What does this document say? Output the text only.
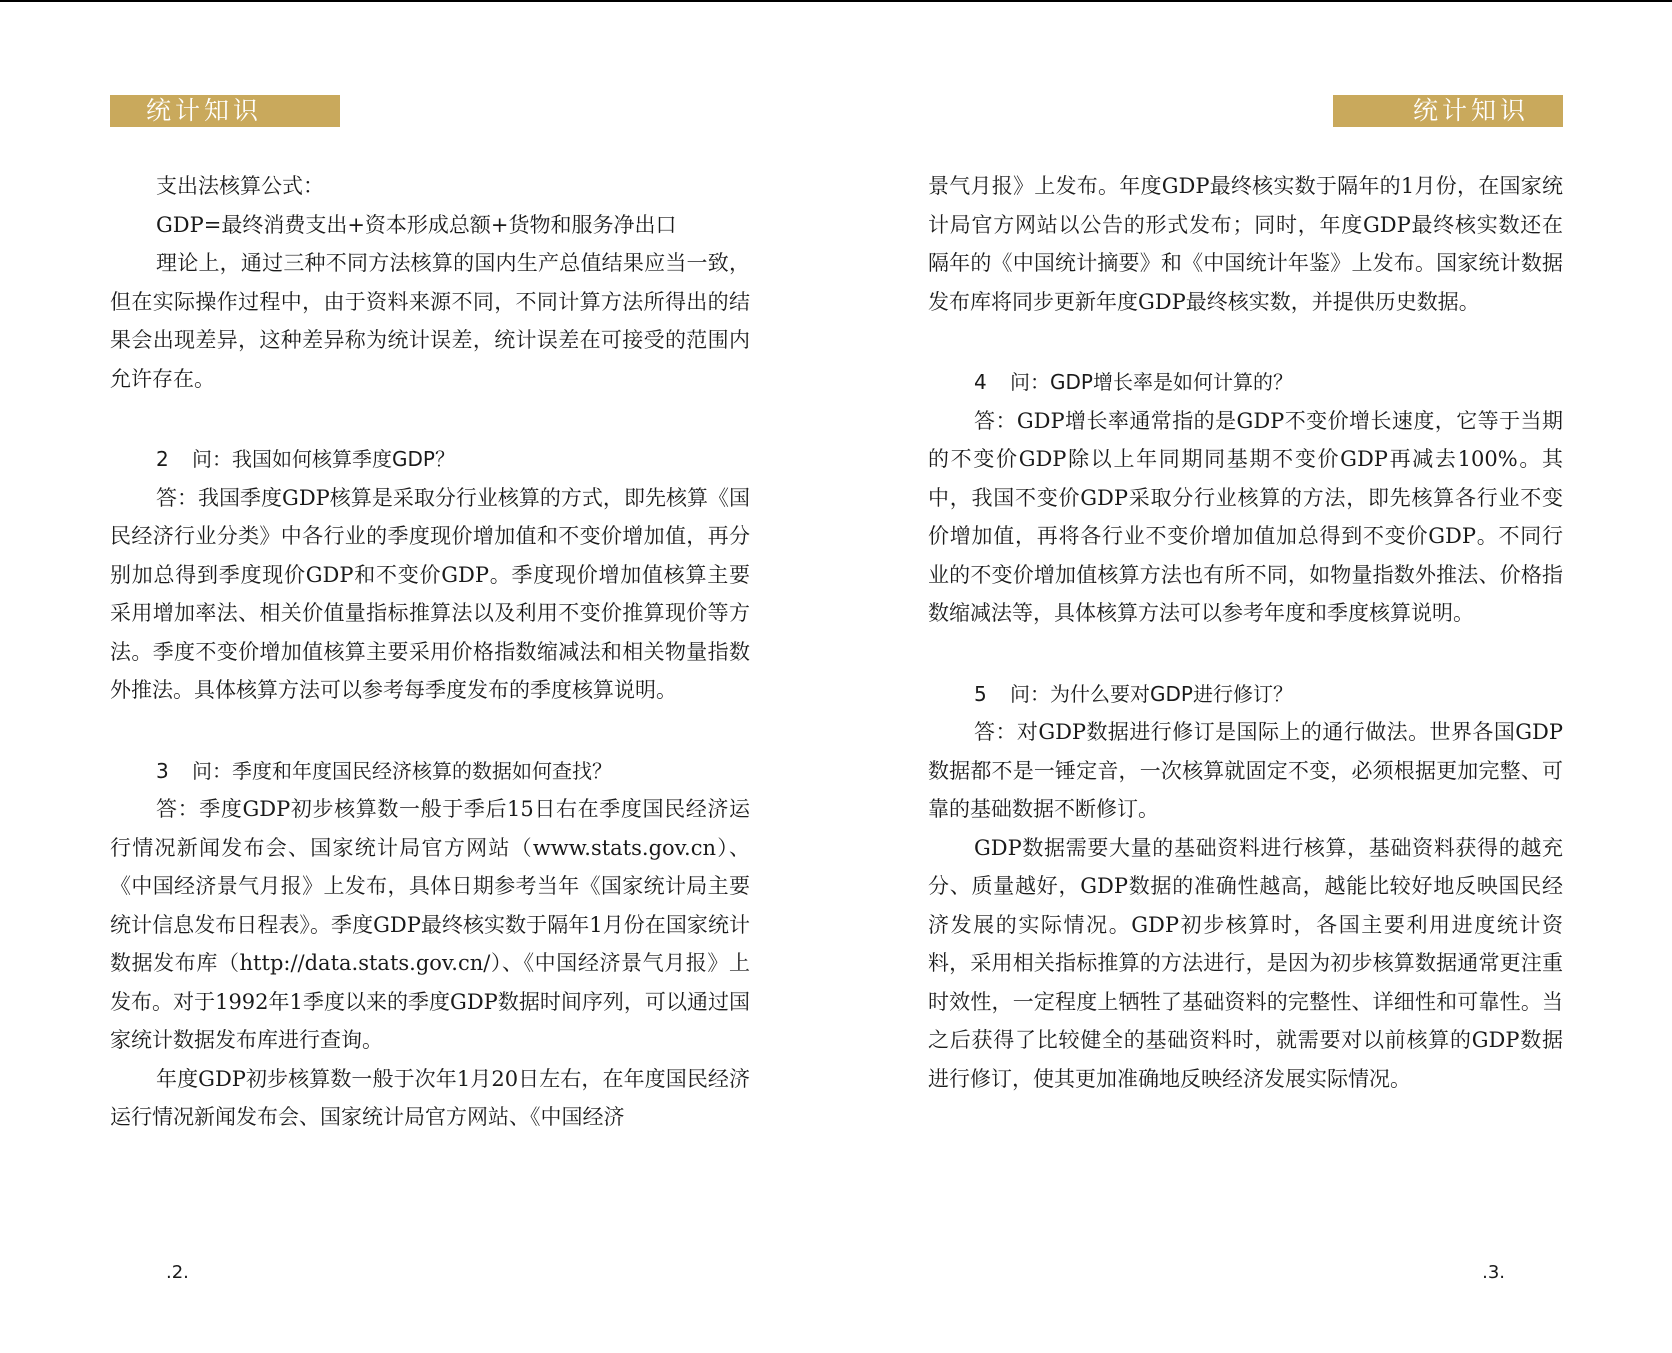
统计知识

支出法核算公式：

GDP=最终消费支出+资本形成总额+货物和服务净出口

理论上，通过三种不同方法核算的国内生产总值结果应当一致，但在实际操作过程中，由于资料来源不同，不同计算方法所得出的结果会出现差异，这种差异称为统计误差，统计误差在可接受的范围内允许存在。

2 问：我国如何核算季度GDP？

答：我国季度GDP核算是采取分行业核算的方式，即先核算《国民经济行业分类》中各行业的季度现价增加值和不变价增加值，再分别加总得到季度现价GDP和不变价GDP。季度现价增加值核算主要采用增加率法、相关价值量指标推算法以及利用不变价推算现价等方法。季度不变价增加值核算主要采用价格指数缩减法和相关物量指数外推法。具体核算方法可以参考每季度发布的季度核算说明。

3 问：季度和年度国民经济核算的数据如何查找？

答：季度GDP初步核算数一般于季后15日右在季度国民经济运行情况新闻发布会、国家统计局官方网站（www.stats.gov.cn）、《中国经济景气月报》上发布，具体日期参考当年《国家统计局主要统计信息发布日程表》。季度GDP最终核实数于隔年1月份在国家统计数据发布库（http://data.stats.gov.cn/）、《中国经济景气月报》上发布。对于1992年1季度以来的季度GDP数据时间序列，可以通过国家统计数据发布库进行查询。

年度GDP初步核算数一般于次年1月20日左右，在年度国民经济运行情况新闻发布会、国家统计局官方网站、《中国经济

.2.
统计知识

景气月报》上发布。年度GDP最终核实数于隔年的1月份，在国家统计局官方网站以公告的形式发布；同时，年度GDP最终核实数还在隔年的《中国统计摘要》和《中国统计年鉴》上发布。国家统计数据发布库将同步更新年度GDP最终核实数，并提供历史数据。

4 问：GDP增长率是如何计算的？

答：GDP增长率通常指的是GDP不变价增长速度，它等于当期的不变价GDP除以上年同期同基期不变价GDP再减去100%。其中，我国不变价GDP采取分行业核算的方法，即先核算各行业不变价增加值，再将各行业不变价增加值加总得到不变价GDP。不同行业的不变价增加值核算方法也有所不同，如物量指数外推法、价格指数缩减法等，具体核算方法可以参考年度和季度核算说明。

5 问：为什么要对GDP进行修订？

答：对GDP数据进行修订是国际上的通行做法。世界各国GDP数据都不是一锤定音，一次核算就固定不变，必须根据更加完整、可靠的基础数据不断修订。

GDP数据需要大量的基础资料进行核算，基础资料获得的越充分、质量越好，GDP数据的准确性越高，越能比较好地反映国民经济发展的实际情况。GDP初步核算时，各国主要利用进度统计资料，采用相关指标推算的方法进行，是因为初步核算数据通常更注重时效性，一定程度上牺牲了基础资料的完整性、详细性和可靠性。当之后获得了比较健全的基础资料时，就需要对以前核算的GDP数据进行修订，使其更加准确地反映经济发展实际情况。

.3.
